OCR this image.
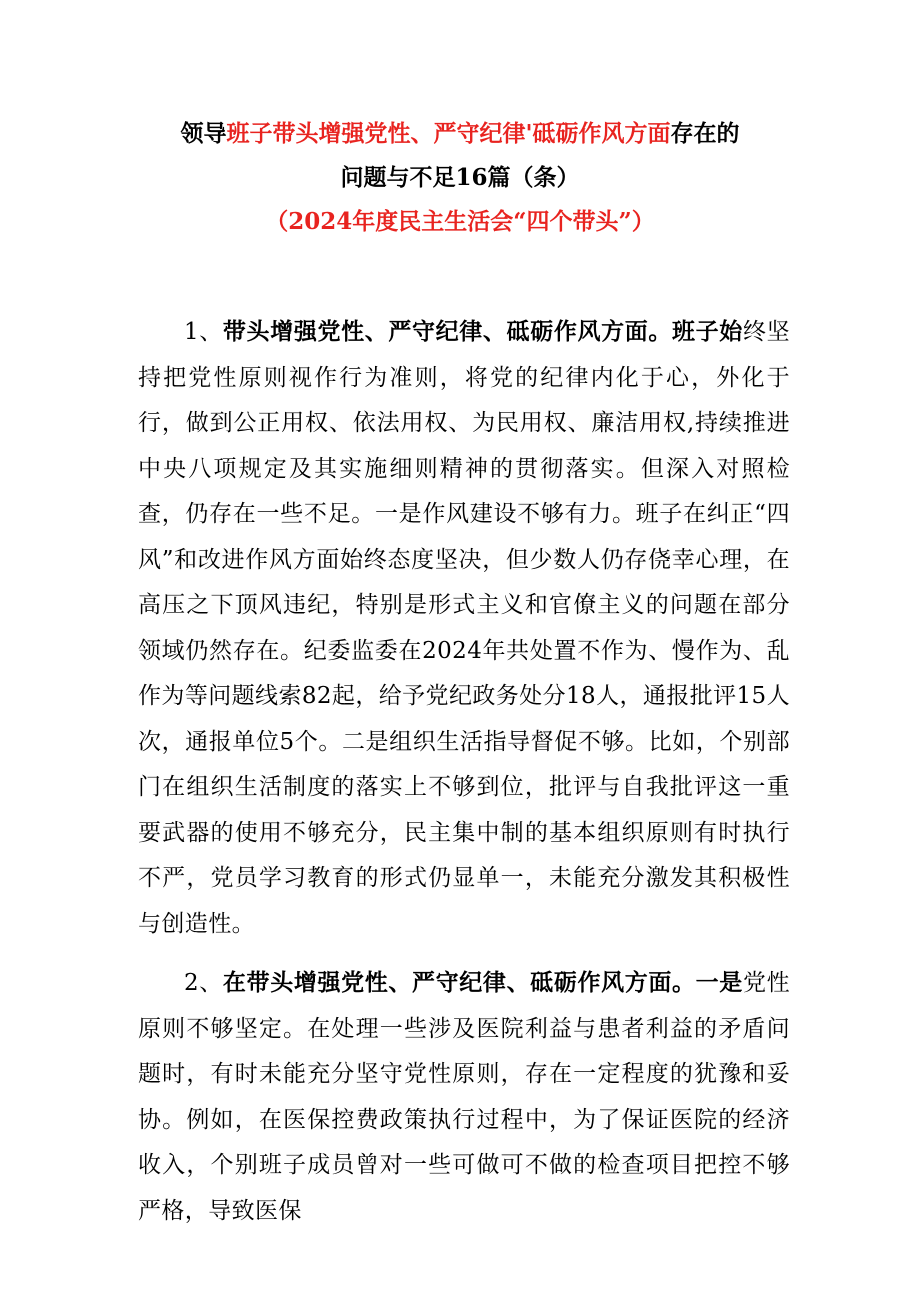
领导班子带头增强党性、严守纪律'砥砺作风方面存在的
问题与不足16篇（条）
（2024年度民主生活会“四个带头”）

1、带头增强党性、严守纪律、砥砺作风方面。班子始终坚持把党性原则视作行为准则，将党的纪律内化于心，外化于行，做到公正用权、依法用权、为民用权、廉洁用权,持续推进中央八项规定及其实施细则精神的贯彻落实。但深入对照检查，仍存在一些不足。一是作风建设不够有力。班子在纠正“四风”和改进作风方面始终态度坚决，但少数人仍存侥幸心理，在高压之下顶风违纪，特别是形式主义和官僚主义的问题在部分领域仍然存在。纪委监委在2024年共处置不作为、慢作为、乱作为等问题线索82起，给予党纪政务处分18人，通报批评15人次，通报单位5个。二是组织生活指导督促不够。比如，个别部门在组织生活制度的落实上不够到位，批评与自我批评这一重要武器的使用不够充分，民主集中制的基本组织原则有时执行不严，党员学习教育的形式仍显单一，未能充分激发其积极性与创造性。

2、在带头增强党性、严守纪律、砥砺作风方面。一是党性原则不够坚定。在处理一些涉及医院利益与患者利益的矛盾问题时，有时未能充分坚守党性原则，存在一定程度的犹豫和妥协。例如，在医保控费政策执行过程中，为了保证医院的经济收入，个别班子成员曾对一些可做可不做的检查项目把控不够严格，导致医保
